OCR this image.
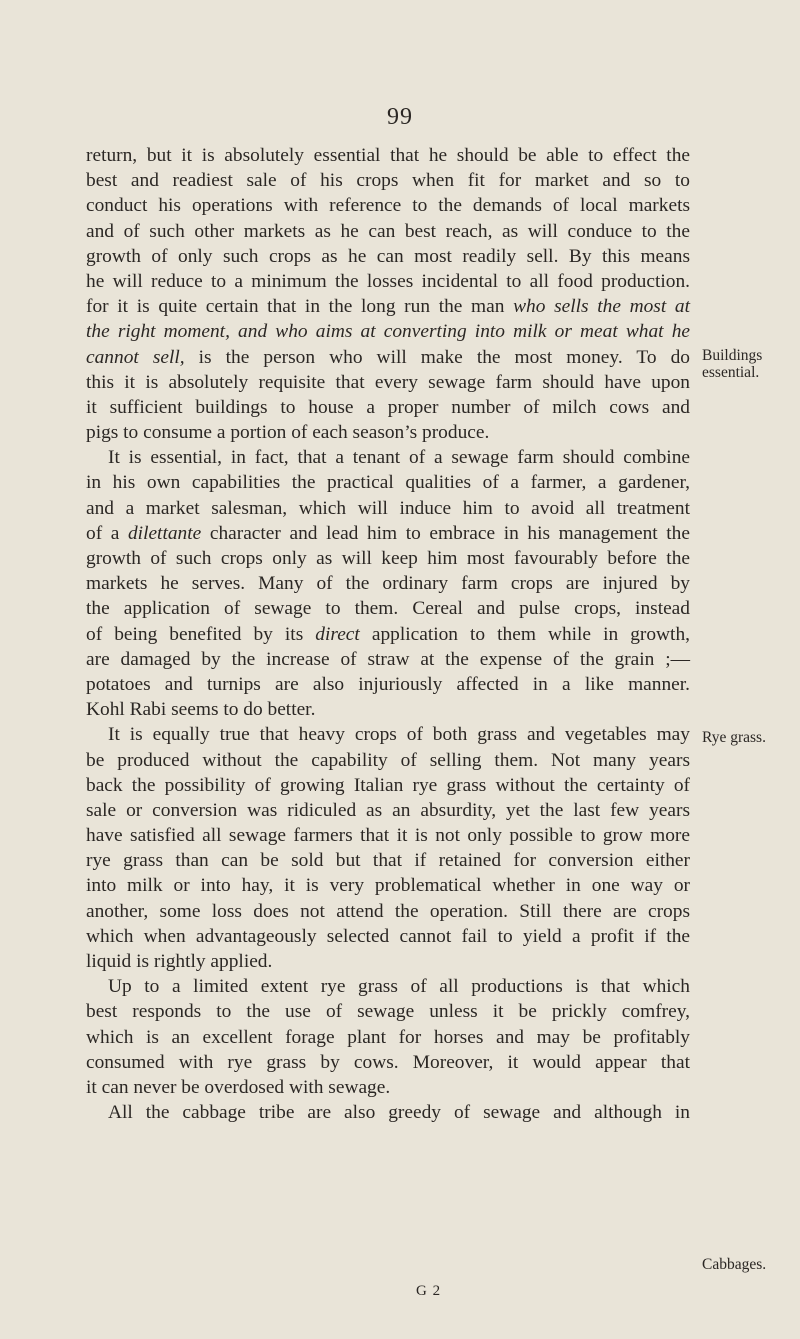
99
return, but it is absolutely essential that he should be able to effect the
best and readiest sale of his crops when fit for market and so to
conduct his operations with reference to the demands of local markets
and of such other markets as he can best reach, as will conduce to the
growth of only such crops as he can most readily sell. By this means
he will reduce to a minimum the losses incidental to all food production.
for it is quite certain that in the long run the man who sells the most at
the right moment, and who aims at converting into milk or meat what he
cannot sell, is the person who will make the most money. To do
this it is absolutely requisite that every sewage farm should have upon
it sufficient buildings to house a proper number of milch cows and
pigs to consume a portion of each season’s produce.
It is essential, in fact, that a tenant of a sewage farm should combine
in his own capabilities the practical qualities of a farmer, a gardener,
and a market salesman, which will induce him to avoid all treatment
of a dilettante character and lead him to embrace in his management the
growth of such crops only as will keep him most favourably before the
markets he serves. Many of the ordinary farm crops are injured by
the application of sewage to them. Cereal and pulse crops, instead
of being benefited by its direct application to them while in growth,
are damaged by the increase of straw at the expense of the grain ;—
potatoes and turnips are also injuriously affected in a like manner.
Kohl Rabi seems to do better.
It is equally true that heavy crops of both grass and vegetables may
be produced without the capability of selling them. Not many years
back the possibility of growing Italian rye grass without the certainty of
sale or conversion was ridiculed as an absurdity, yet the last few years
have satisfied all sewage farmers that it is not only possible to grow more
rye grass than can be sold but that if retained for conversion either
into milk or into hay, it is very problematical whether in one way or
another, some loss does not attend the operation. Still there are crops
which when advantageously selected cannot fail to yield a profit if the
liquid is rightly applied.
Up to a limited extent rye grass of all productions is that which
best responds to the use of sewage unless it be prickly comfrey,
which is an excellent forage plant for horses and may be profitably
consumed with rye grass by cows. Moreover, it would appear that
it can never be overdosed with sewage.
All the cabbage tribe are also greedy of sewage and although in
Buildings
essential.
Rye grass.
Cabbages.
G 2
